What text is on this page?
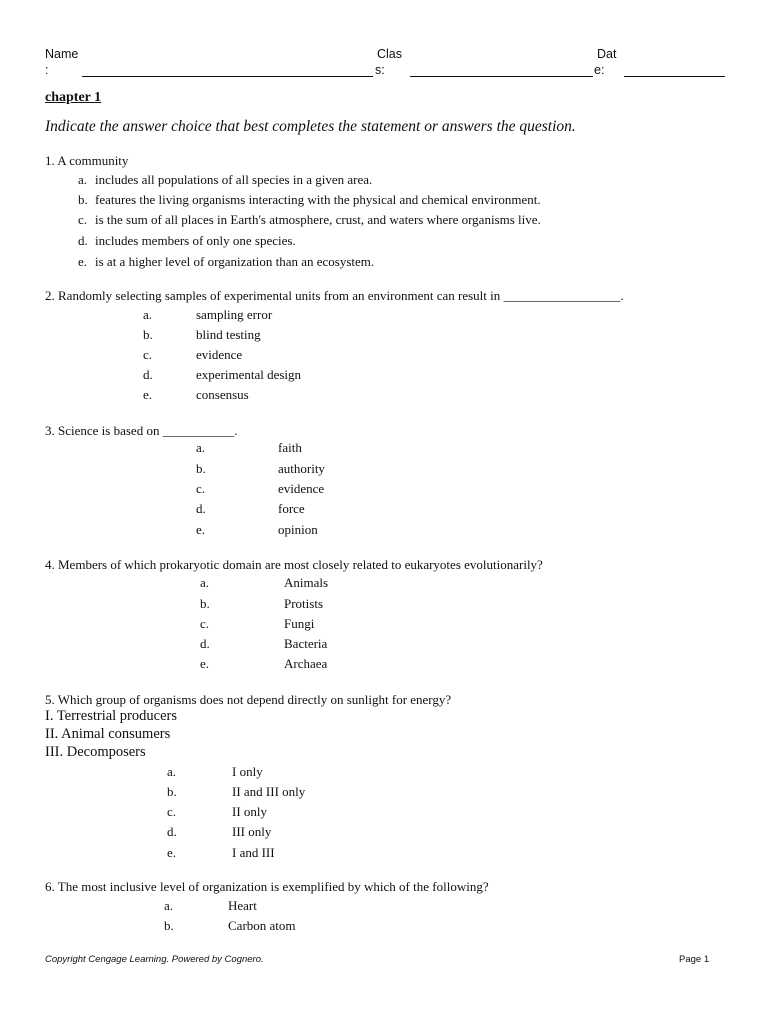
Name
:
Clas
s:
Dat
e:
chapter 1
Indicate the answer choice that best completes the statement or answers the question.
1. A community
a. includes all populations of all species in a given area.
b. features the living organisms interacting with the physical and chemical environment.
c. is the sum of all places in Earth's atmosphere, crust, and waters where organisms live.
d. includes members of only one species.
e. is at a higher level of organization than an ecosystem.
2. Randomly selecting samples of experimental units from an environment can result in __________________.
a.	sampling error
b.	blind testing
c.	evidence
d.	experimental design
e.	consensus
3. Science is based on ___________.
a.	faith
b.	authority
c.	evidence
d.	force
e.	opinion
4. Members of which prokaryotic domain are most closely related to eukaryotes evolutionarily?
a.	Animals
b.	Protists
c.	Fungi
d.	Bacteria
e.	Archaea
5. Which group of organisms does not depend directly on sunlight for energy?
I. Terrestrial producers
II. Animal consumers
III. Decomposers
a.	I only
b.	II and III only
c.	II only
d.	III only
e.	I and III
6. The most inclusive level of organization is exemplified by which of the following?
a.	Heart
b.	Carbon atom
Copyright Cengage Learning. Powered by Cognero.	Page 1
